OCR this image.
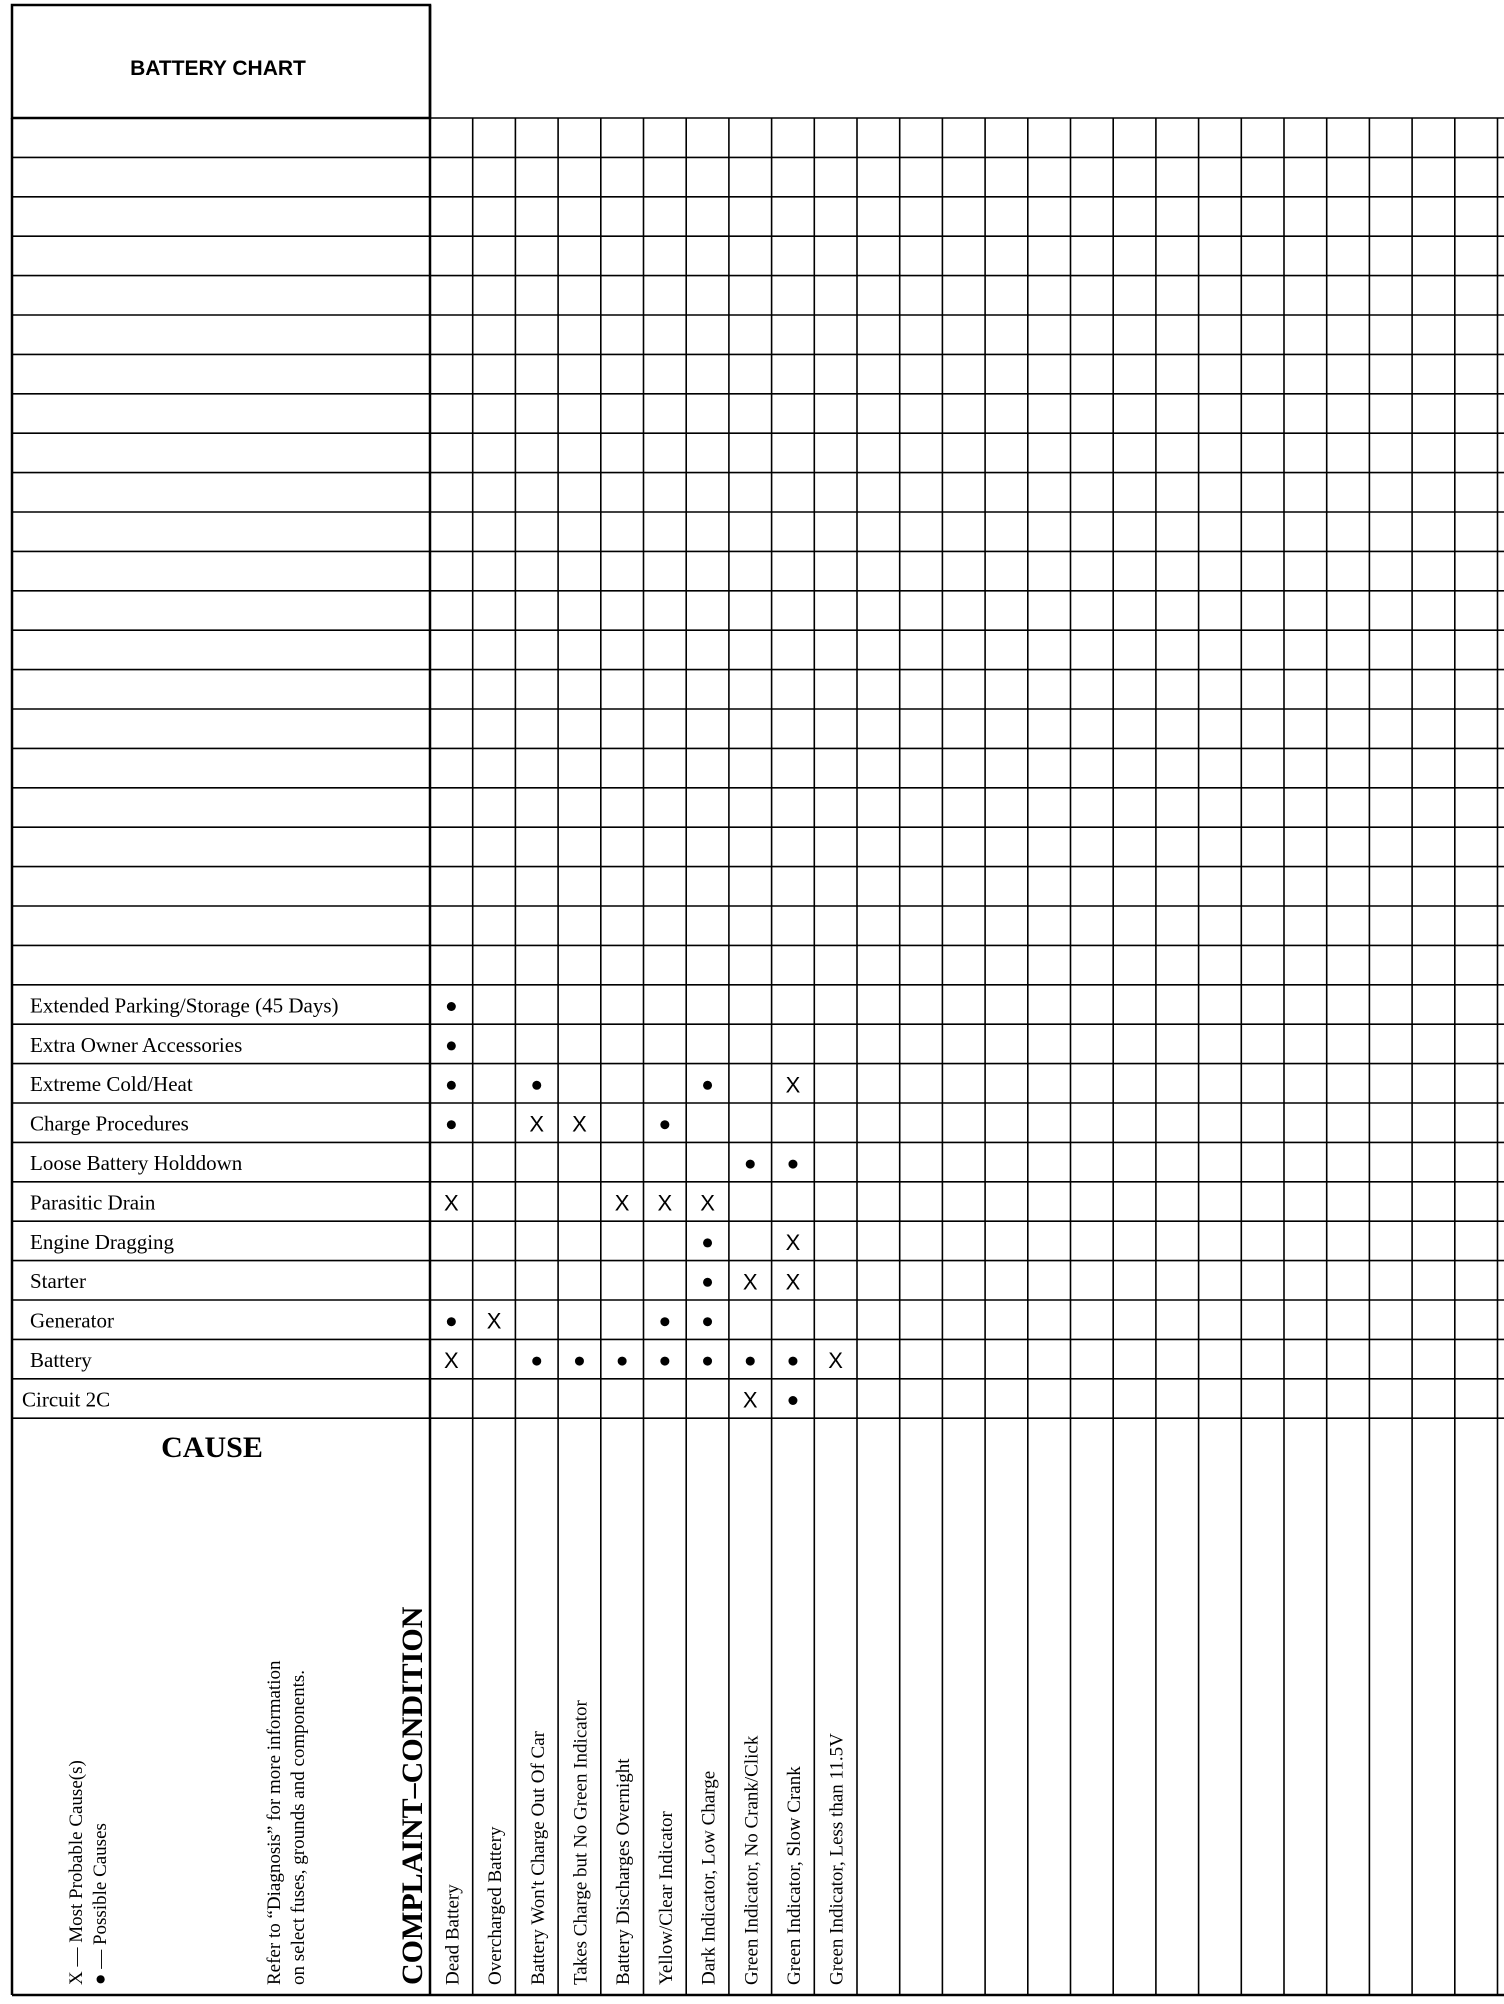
BATTERY CHART
Extended Parking/Storage (45 Days)
Extra Owner Accessories
Extreme Cold/Heat
Charge Procedures
Loose Battery Holddown
Parasitic Drain
Engine Dragging
Starter
Generator
Battery
Circuit 2C
X
X X
X	X X X
X
X X
X
X	X
X
Dead Battery Overcharged Battery Battery Won't Charge Out Of Car Takes Charge but No Green Indicator Battery Discharges Overnight Yellow/Clear Indicator Dark Indicator, Low Charge Green Indicator, No Crank/Click Green Indicator, Slow Crank Green Indicator, Less than 11.5V
CAUSE
COMPLAINT–CONDITION
Refer to “Diagnosis” for more information on select fuses, grounds and components.
X — Most Probable Cause(s) ● — Possible Causes
